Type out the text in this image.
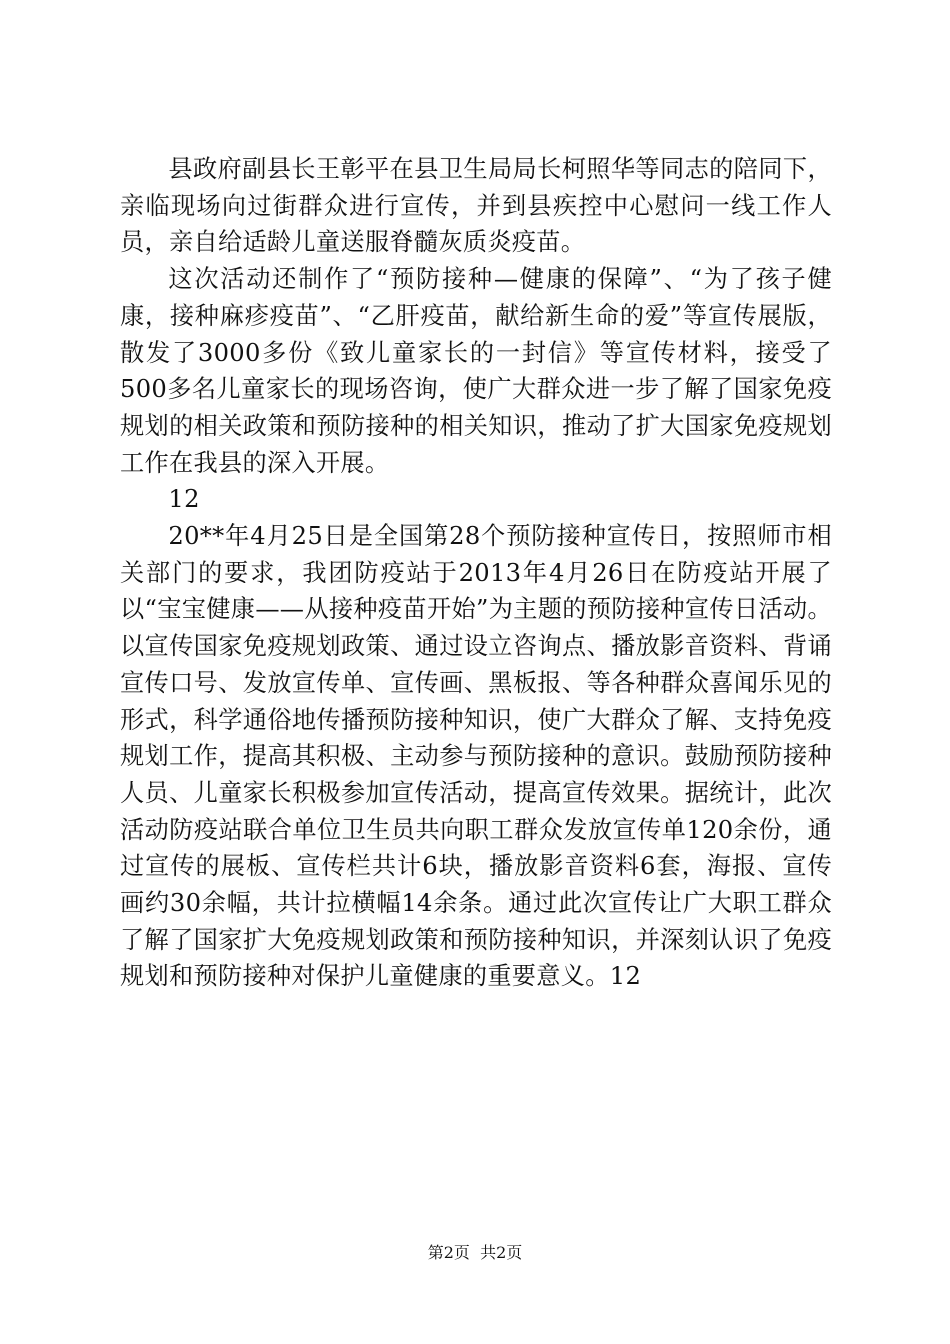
县政府副县长王彰平在县卫生局局长柯照华等同志的陪同下，亲临现场向过街群众进行宣传，并到县疾控中心慰问一线工作人员，亲自给适龄儿童送服脊髓灰质炎疫苗。

这次活动还制作了“预防接种—健康的保障”、“为了孩子健康，接种麻疹疫苗”、“乙肝疫苗，献给新生命的爱”等宣传展版，散发了3000多份《致儿童家长的一封信》等宣传材料，接受了500多名儿童家长的现场咨询，使广大群众进一步了解了国家免疫规划的相关政策和预防接种的相关知识，推动了扩大国家免疫规划工作在我县的深入开展。

12

20**年4月25日是全国第28个预防接种宣传日，按照师市相关部门的要求，我团防疫站于2013年4月26日在防疫站开展了以“宝宝健康——从接种疫苗开始”为主题的预防接种宣传日活动。以宣传国家免疫规划政策、通过设立咨询点、播放影音资料、背诵宣传口号、发放宣传单、宣传画、黑板报、等各种群众喜闻乐见的形式，科学通俗地传播预防接种知识，使广大群众了解、支持免疫规划工作，提高其积极、主动参与预防接种的意识。鼓励预防接种人员、儿童家长积极参加宣传活动，提高宣传效果。据统计，此次活动防疫站联合单位卫生员共向职工群众发放宣传单120余份，通过宣传的展板、宣传栏共计6块，播放影音资料6套，海报、宣传画约30余幅，共计拉横幅14余条。通过此次宣传让广大职工群众了解了国家扩大免疫规划政策和预防接种知识，并深刻认识了免疫规划和预防接种对保护儿童健康的重要意义。12

第2页  共2页
